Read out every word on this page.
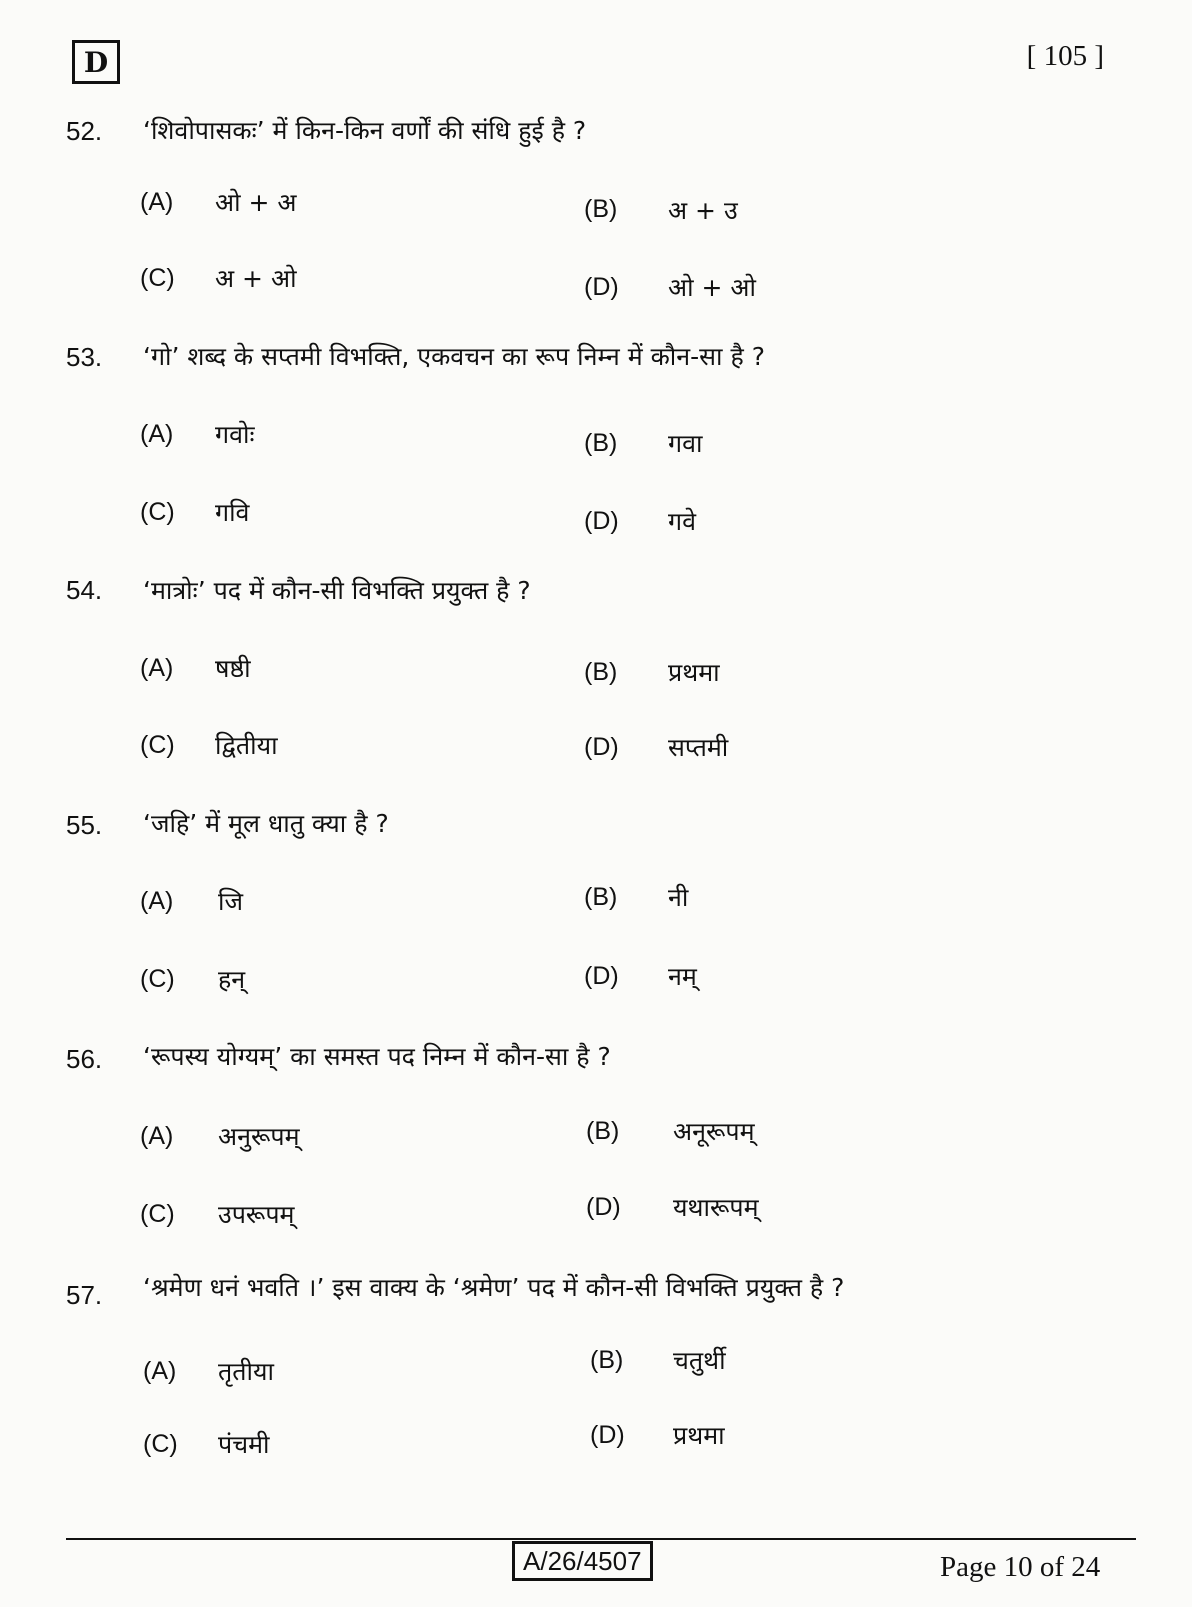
D	[ 105 ]
52. ‘शिवोपासकः’ में किन-किन वर्णों की संधि हुई है ?
(A) ओ + अ	(B) अ + उ
(C) अ + ओ	(D) ओ + ओ
53. ‘गो’ शब्द के सप्तमी विभक्ति, एकवचन का रूप निम्न में कौन-सा है ?
(A) गवोः	(B) गवा
(C) गवि	(D) गवे
54. ‘मात्रोः’ पद में कौन-सी विभक्ति प्रयुक्त है ?
(A) षष्ठी	(B) प्रथमा
(C) द्वितीया	(D) सप्तमी
55. ‘जहि’ में मूल धातु क्या है ?
(A) जि	(B) नी
(C) हन्	(D) नम्
56. ‘रूपस्य योग्यम्’ का समस्त पद निम्न में कौन-सा है ?
(A) अनुरूपम्	(B) अनूरूपम्
(C) उपरूपम्	(D) यथारूपम्
57. ‘श्रमेण धनं भवति ।’ इस वाक्य के ‘श्रमेण’ पद में कौन-सी विभक्ति प्रयुक्त है ?
(A) तृतीया	(B) चतुर्थी
(C) पंचमी	(D) प्रथमा
A/26/4507	Page 10 of 24
